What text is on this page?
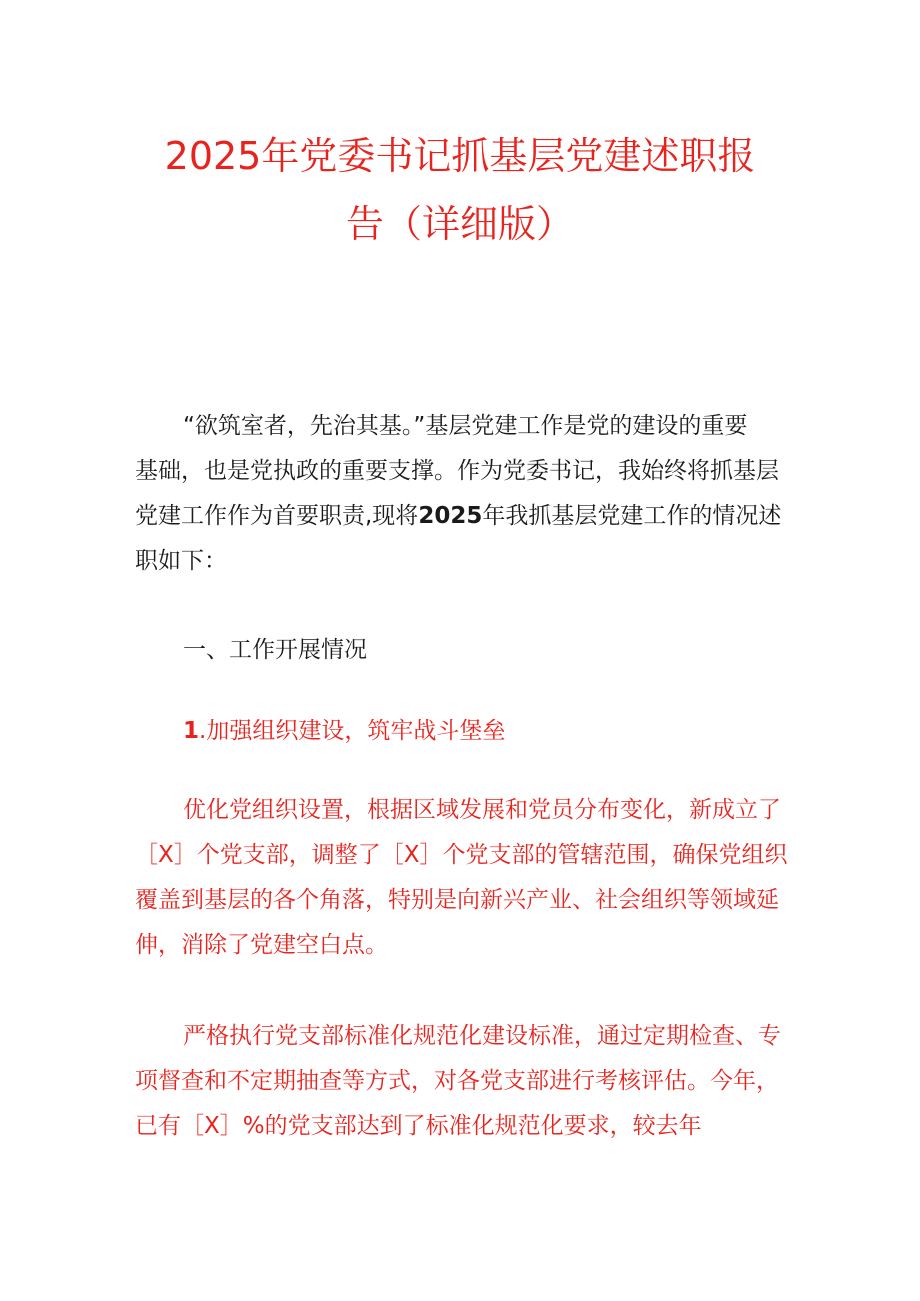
2025年党委书记抓基层党建述职报
告（详细版）
“欲筑室者，先治其基。”基层党建工作是党的建设的重要
基础，也是党执政的重要支撑。作为党委书记，我始终将抓基层
党建工作作为首要职责,现将2025年我抓基层党建工作的情况述
职如下：
一、工作开展情况
1.加强组织建设，筑牢战斗堡垒
优化党组织设置，根据区域发展和党员分布变化，新成立了
［X］个党支部，调整了［X］个党支部的管辖范围，确保党组织
覆盖到基层的各个角落，特别是向新兴产业、社会组织等领域延
伸，消除了党建空白点。
严格执行党支部标准化规范化建设标准，通过定期检查、专
项督查和不定期抽查等方式，对各党支部进行考核评估。今年，
已有［X］%的党支部达到了标准化规范化要求，较去年
